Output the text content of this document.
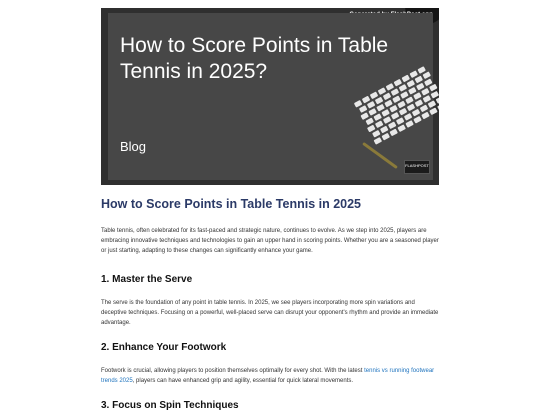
How to Score Points in Table Tennis in 2025?
Blog
FLASHPOST
How to Score Points in Table Tennis in 2025

Table tennis, often celebrated for its fast-paced and strategic nature, continues to evolve. As we step into 2025, players are embracing innovative techniques and technologies to gain an upper hand in scoring points. Whether you are a seasoned player or just starting, adapting to these changes can significantly enhance your game.

1. Master the Serve

The serve is the foundation of any point in table tennis. In 2025, we see players incorporating more spin variations and deceptive techniques. Focusing on a powerful, well-placed serve can disrupt your opponent's rhythm and provide an immediate advantage.

2. Enhance Your Footwork

Footwork is crucial, allowing players to position themselves optimally for every shot. With the latest tennis vs running footwear trends 2025, players can have enhanced grip and agility, essential for quick lateral movements.

3. Focus on Spin Techniques
